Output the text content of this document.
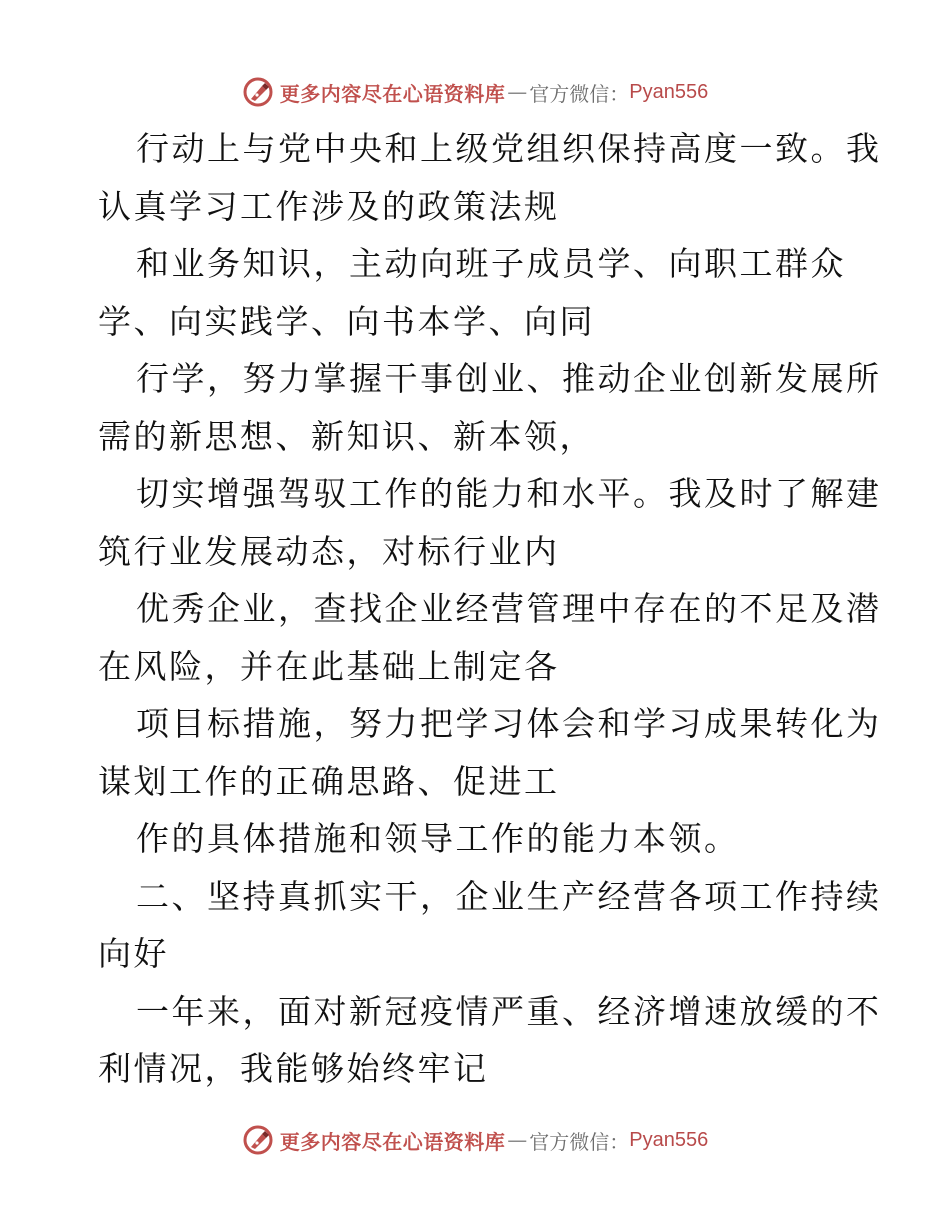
更多内容尽在心语资料库 — 官方微信： Pyan556
行动上与党中央和上级党组织保持高度一致。我
认真学习工作涉及的政策法规
和业务知识，主动向班子成员学、向职工群众
学、向实践学、向书本学、向同
行学，努力掌握干事创业、推动企业创新发展所
需的新思想、新知识、新本领，
切实增强驾驭工作的能力和水平。我及时了解建
筑行业发展动态，对标行业内
优秀企业，查找企业经营管理中存在的不足及潜
在风险，并在此基础上制定各
项目标措施，努力把学习体会和学习成果转化为
谋划工作的正确思路、促进工
作的具体措施和领导工作的能力本领。
二、坚持真抓实干，企业生产经营各项工作持续
向好
一年来，面对新冠疫情严重、经济增速放缓的不
利情况，我能够始终牢记
更多内容尽在心语资料库 — 官方微信： Pyan556
